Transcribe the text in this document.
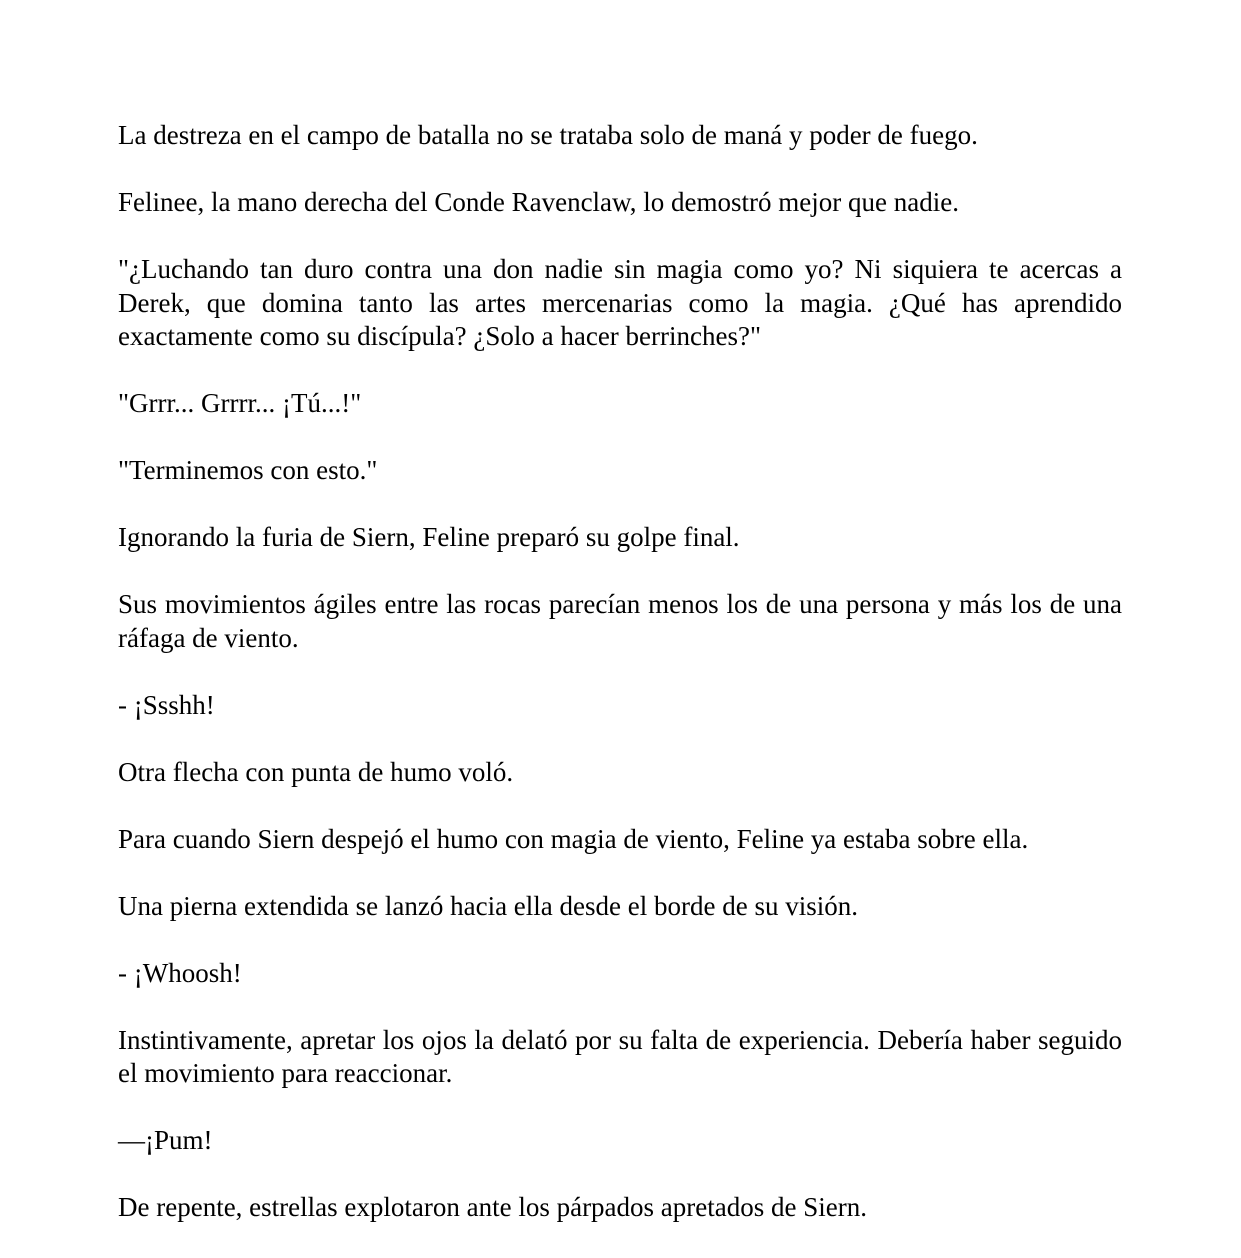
La destreza en el campo de batalla no se trataba solo de maná y poder de fuego.

Felinee, la mano derecha del Conde Ravenclaw, lo demostró mejor que nadie.

"¿Luchando tan duro contra una don nadie sin magia como yo? Ni siquiera te acercas a Derek, que domina tanto las artes mercenarias como la magia. ¿Qué has aprendido exactamente como su discípula? ¿Solo a hacer berrinches?"

"Grrr... Grrrr... ¡Tú...!"

"Terminemos con esto."

Ignorando la furia de Siern, Feline preparó su golpe final.

Sus movimientos ágiles entre las rocas parecían menos los de una persona y más los de una ráfaga de viento.

- ¡Ssshh!

Otra flecha con punta de humo voló.

Para cuando Siern despejó el humo con magia de viento, Feline ya estaba sobre ella.

Una pierna extendida se lanzó hacia ella desde el borde de su visión.

- ¡Whoosh!

Instintivamente, apretar los ojos la delató por su falta de experiencia. Debería haber seguido el movimiento para reaccionar.

—¡Pum!

De repente, estrellas explotaron ante los párpados apretados de Siern.
